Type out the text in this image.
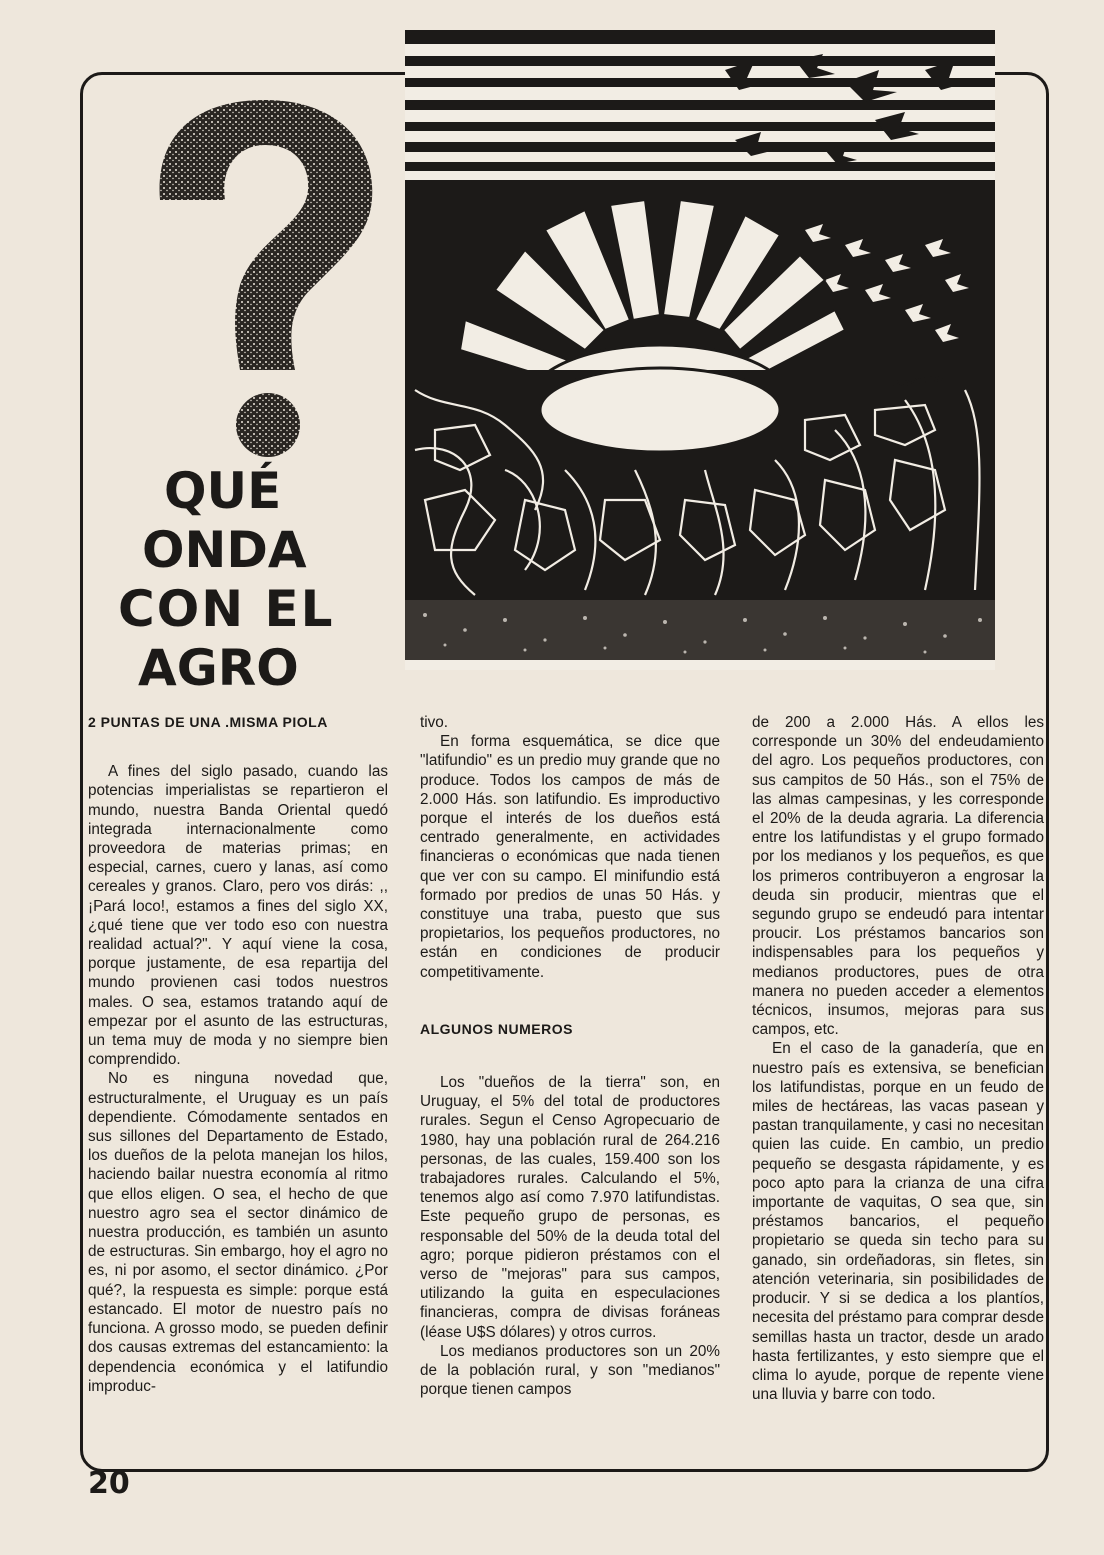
F.Balbis.
QUÉ
ONDA
CON EL
AGRO
2 PUNTAS DE UNA .MISMA PIOLA

A fines del siglo pasado, cuando las potencias imperialistas se repartieron el mundo, nuestra Banda Oriental quedó integrada internacionalmente como proveedora de materias primas; en especial, carnes, cuero y lanas, así como cereales y granos. Claro, pero vos dirás: ,,¡Pará loco!, estamos a fines del siglo XX, ¿qué tiene que ver todo eso con nuestra realidad actual?". Y aquí viene la cosa, porque justamente, de esa repartija del mundo provienen casi todos nuestros males. O sea, estamos tratando aquí de empezar por el asunto de las estructuras, un tema muy de moda y no siempre bien comprendido.

No es ninguna novedad que, estructuralmente, el Uruguay es un país dependiente. Cómodamente sentados en sus sillones del Departamento de Estado, los dueños de la pelota manejan los hilos, haciendo bailar nuestra economía al ritmo que ellos eligen. O sea, el hecho de que nuestro agro sea el sector dinámico de nuestra producción, es también un asunto de estructuras. Sin embargo, hoy el agro no es, ni por asomo, el sector dinámico. ¿Por qué?, la respuesta es simple: porque está estancado. El motor de nuestro país no funciona. A grosso modo, se pueden definir dos causas extremas del estancamiento: la dependencia económica y el latifundio improduc-

tivo.

En forma esquemática, se dice que "latifundio" es un predio muy grande que no produce. Todos los campos de más de 2.000 Hás. son latifundio. Es improductivo porque el interés de los dueños está centrado generalmente, en actividades financieras o económicas que nada tienen que ver con su campo. El minifundio está formado por predios de unas 50 Hás. y constituye una traba, puesto que sus propietarios, los pequeños productores, no están en condiciones de producir competitivamente.

ALGUNOS NUMEROS

Los "dueños de la tierra" son, en Uruguay, el 5% del total de productores rurales. Segun el Censo Agropecuario de 1980, hay una población rural de 264.216 personas, de las cuales, 159.400 son los trabajadores rurales. Calculando el 5%, tenemos algo así como 7.970 latifundistas. Este pequeño grupo de personas, es responsable del 50% de la deuda total del agro; porque pidieron préstamos con el verso de "mejoras" para sus campos, utilizando la guita en especulaciones financieras, compra de divisas foráneas (léase U$S dólares) y otros curros.

Los medianos productores son un 20% de la población rural, y son "medianos" porque tienen campos

de 200 a 2.000 Hás. A ellos les corresponde un 30% del endeudamiento del agro. Los pequeños productores, con sus campitos de 50 Hás., son el 75% de las almas campesinas, y les corresponde el 20% de la deuda agraria. La diferencia entre los latifundistas y el grupo formado por los medianos y los pequeños, es que los primeros contribuyeron a engrosar la deuda sin producir, mientras que el segundo grupo se endeudó para intentar proucir. Los préstamos bancarios son indispensables para los pequeños y medianos productores, pues de otra manera no pueden acceder a elementos técnicos, insumos, mejoras para sus campos, etc.

En el caso de la ganadería, que en nuestro país es extensiva, se benefician los latifundistas, porque en un feudo de miles de hectáreas, las vacas pasean y pastan tranquilamente, y casi no necesitan quien las cuide. En cambio, un predio pequeño se desgasta rápidamente, y es poco apto para la crianza de una cifra importante de vaquitas, O sea que, sin préstamos bancarios, el pequeño propietario se queda sin techo para su ganado, sin ordeñadoras, sin fletes, sin atención veterinaria, sin posibilidades de producir. Y si se dedica a los plantíos, necesita del préstamo para comprar desde semillas hasta un tractor, desde un arado hasta fertilizantes, y esto siempre que el clima lo ayude, porque de repente viene una lluvia y barre con todo.

20
